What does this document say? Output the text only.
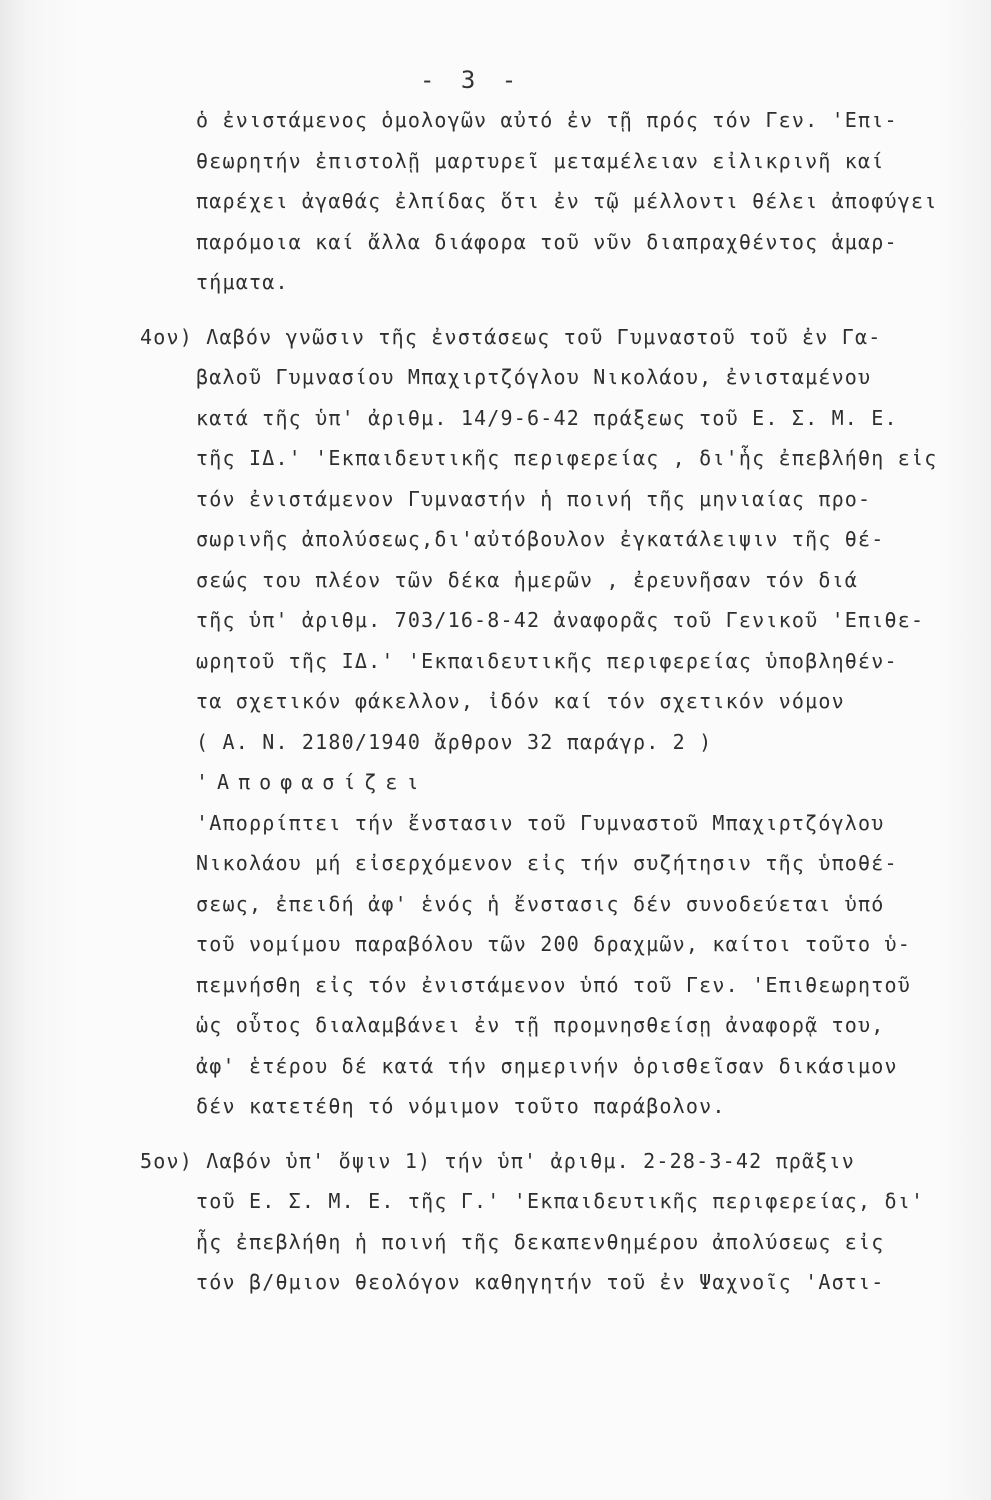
- 3 -
ὁ ἐνιστάμενος ὁμολογῶν αὐτό ἐν τῇ πρός τόν Γεν. 'Επι-
θεωρητήν ἐπιστολῇ μαρτυρεῖ μεταμέλειαν εἰλικρινῆ καί
παρέχει ἀγαθάς ἐλπίδας ὅτι ἐν τῷ μέλλοντι θέλει ἀποφύγει
παρόμοια καί ἄλλα διάφορα τοῦ νῦν διαπραχθέντος ἁμαρ-
τήματα.
4ον) Λαβόν γνῶσιν τῆς ἐνστάσεως τοῦ Γυμναστοῦ τοῦ ἐν Γα-
βαλοῦ Γυμνασίου Μπαχιρτζόγλου Νικολάου, ἐνισταμένου
κατά τῆς ὑπ' ἀριθμ. 14/9-6-42 πράξεως τοῦ Ε. Σ. Μ. Ε.
τῆς ΙΔ.' 'Εκπαιδευτικῆς περιφερείας , δι'ἧς ἐπεβλήθη εἰς
τόν ἐνιστάμενον Γυμναστήν ἡ ποινή τῆς μηνιαίας προ-
σωρινῆς ἀπολύσεως,δι'αὐτόβουλον ἐγκατάλειψιν τῆς θέ-
σεώς του πλέον τῶν δέκα ἡμερῶν , ἐρευνῆσαν τόν διά
τῆς ὑπ' ἀριθμ. 703/16-8-42 ἀναφορᾶς τοῦ Γενικοῦ 'Επιθε-
ωρητοῦ τῆς ΙΔ.' 'Εκπαιδευτικῆς περιφερείας ὑποβληθέν-
τα σχετικόν φάκελλον, ἰδόν καί τόν σχετικόν νόμον
( Α. Ν. 2180/1940 ἄρθρον 32 παράγρ. 2 )
'Αποφασίζει
'Απορρίπτει τήν ἔνστασιν τοῦ Γυμναστοῦ Μπαχιρτζόγλου
Νικολάου μή εἰσερχόμενον εἰς τήν συζήτησιν τῆς ὑποθέ-
σεως, ἐπειδή ἀφ' ἑνός ἡ ἔνστασις δέν συνοδεύεται ὑπό
τοῦ νομίμου παραβόλου τῶν 200 δραχμῶν, καίτοι τοῦτο ὑ-
πεμνήσθη εἰς τόν ἐνιστάμενον ὑπό τοῦ Γεν. 'Επιθεωρητοῦ
ὡς οὗτος διαλαμβάνει ἐν τῇ προμνησθείσῃ ἀναφορᾷ του,
ἀφ' ἑτέρου δέ κατά τήν σημερινήν ὁρισθεῖσαν δικάσιμον
δέν κατετέθη τό νόμιμον τοῦτο παράβολον.
5ον) Λαβόν ὑπ' ὄψιν 1) τήν ὑπ' ἀριθμ. 2-28-3-42 πρᾶξιν
τοῦ Ε. Σ. Μ. Ε. τῆς Γ.' 'Εκπαιδευτικῆς περιφερείας, δι'
ἧς ἐπεβλήθη ἡ ποινή τῆς δεκαπενθημέρου ἀπολύσεως εἰς
τόν β/θμιον θεολόγον καθηγητήν τοῦ ἐν Ψαχνοῖς 'Αστι-
